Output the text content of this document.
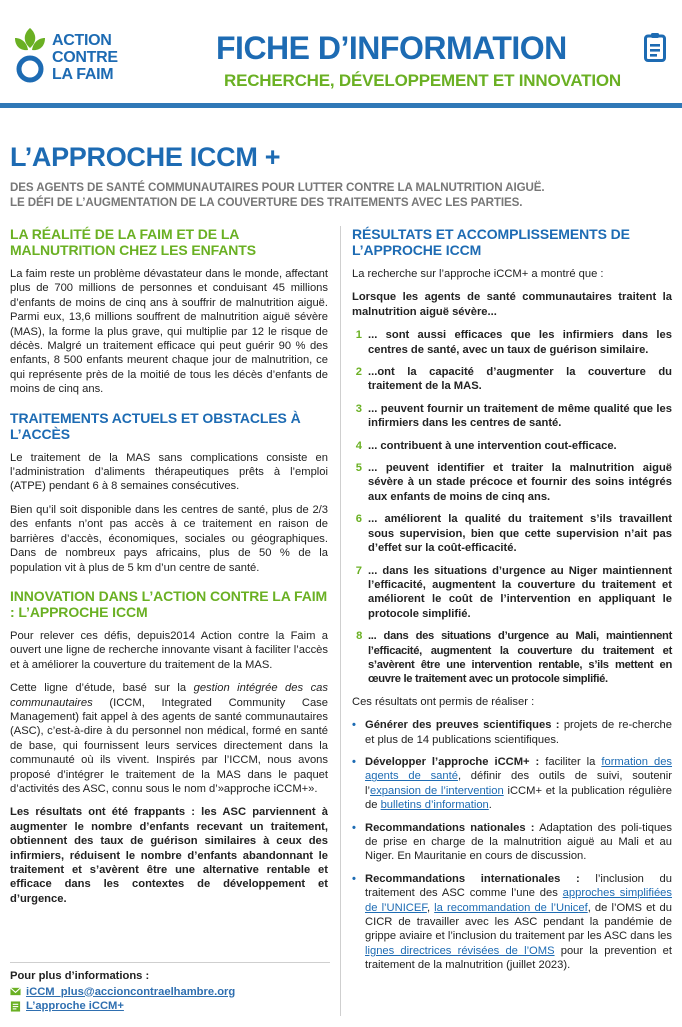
ACTION
CONTRE
LA FAIM
FICHE D’INFORMATION
RECHERCHE, DÉVELOPPEMENT ET INNOVATION
L’APPROCHE ICCM +
DES AGENTS DE SANTÉ COMMUNAUTAIRES POUR LUTTER CONTRE LA MALNUTRITION AIGUË.
LE DÉFI DE L’AUGMENTATION DE LA COUVERTURE DES TRAITEMENTS AVEC LES PARTIES.
LA RÉALITÉ DE LA FAIM ET DE LA MALNUTRITION CHEZ LES ENFANTS
La faim reste un problème dévastateur dans le monde, affectant plus de 700 millions de personnes et conduisant 45 millions d’enfants de moins de cinq ans à souffrir de malnutrition aiguë. Parmi eux, 13,6 millions souffrent de malnutrition aiguë sévère (MAS), la forme la plus grave, qui multiplie par 12 le risque de décès. Malgré un traitement efficace qui peut guérir 90 % des enfants, 8 500 enfants meurent chaque jour de malnutrition, ce qui représente près de la moitié de tous les décès d’enfants de moins de cinq ans.
TRAITEMENTS ACTUELS ET OBSTACLES À L’ACCÈS
Le traitement de la MAS sans complications consiste en l’administration d’aliments thérapeutiques prêts à l’emploi (ATPE) pendant 6 à 8 semaines consécutives.
Bien qu’il soit disponible dans les centres de santé, plus de 2/3 des enfants n’ont pas accès à ce traitement en raison de barrières d’accès, économiques, sociales ou géographiques. Dans de nombreux pays africains, plus de 50 % de la population vit à plus de 5 km d’un centre de santé.
INNOVATION DANS L’ACTION CONTRE LA FAIM : L’APPROCHE ICCM
Pour relever ces défis, depuis2014 Action contre la Faim a ouvert une ligne de recherche innovante visant à faciliter l’accès et à améliorer la couverture du traitement de la MAS.
Cette ligne d’étude, basé sur la gestion intégrée des cas communautaires (ICCM, Integrated Community Case Management) fait appel à des agents de santé communautaires (ASC), c’est-à-dire à du personnel non médical, formé en santé de base, qui fournissent leurs services directement dans la communauté où ils vivent. Inspirés par l’ICCM, nous avons proposé d’intégrer le traitement de la MAS dans le paquet d’activités des ASC, connu sous le nom d’»approche iCCM+».
Les résultats ont été frappants : les ASC parviennent à augmenter le nombre d’enfants recevant un traitement, obtiennent des taux de guérison similaires à ceux des infirmiers, réduisent le nombre d’enfants abandonnant le traitement et s’avèrent être une alternative rentable et efficace dans les contextes de développement et d’urgence.
Pour plus d’informations :
iCCM_plus@accioncontraelhambre.org
L’approche iCCM+
RÉSULTATS ET ACCOMPLISSEMENTS DE L’APPROCHE ICCM
La recherche sur l’approche iCCM+ a montré que :
Lorsque les agents de santé communautaires traitent la malnutrition aiguë sévère...
1 ... sont aussi efficaces que les infirmiers dans les centres de santé, avec un taux de guérison similaire.
2 ...ont la capacité d’augmenter la couverture du traitement de la MAS.
3 ... peuvent fournir un traitement de même qualité que les infirmiers dans les centres de santé.
4 ... contribuent à une intervention cout-efficace.
5 ... peuvent identifier et traiter la malnutrition aiguë sévère à un stade précoce et fournir des soins intégrés aux enfants de moins de cinq ans.
6 ... améliorent la qualité du traitement s’ils travaillent sous supervision, bien que cette supervision n’ait pas d’effet sur la coût-efficacité.
7 ... dans les situations d’urgence au Niger maintiennent l’efficacité, augmentent la couverture du traitement et améliorent le coût de l’intervention en appliquant le protocole simplifié.
8 ... dans des situations d’urgence au Mali, maintiennent l’efficacité, augmentent la couverture du traitement et s’avèrent être une intervention rentable, s’ils mettent en œuvre le traitement avec un protocole simplifié.
Ces résultats ont permis de réaliser :
• Générer des preuves scientifiques : projets de re-cherche et plus de 14 publications scientifiques.
• Développer l’approche iCCM+ : faciliter la formation des agents de santé, définir des outils de suivi, soutenir l’expansion de l’intervention iCCM+ et la publication régulière de bulletins d’information.
• Recommandations nationales : Adaptation des poli-tiques de prise en charge de la malnutrition aiguë au Mali et au Niger. En Mauritanie en cours de discussion.
• Recommandations internationales : l’inclusion du traitement des ASC comme l’une des approches simplifiées de l’UNICEF, la recommandation de l’Unicef, de l’OMS et du CICR de travailler avec les ASC pendant la pandémie de grippe aviaire et l’inclusion du traitement par les ASC dans les lignes directrices révisées de l’OMS pour la prevention et traitement de la malnutrition (juillet 2023).
